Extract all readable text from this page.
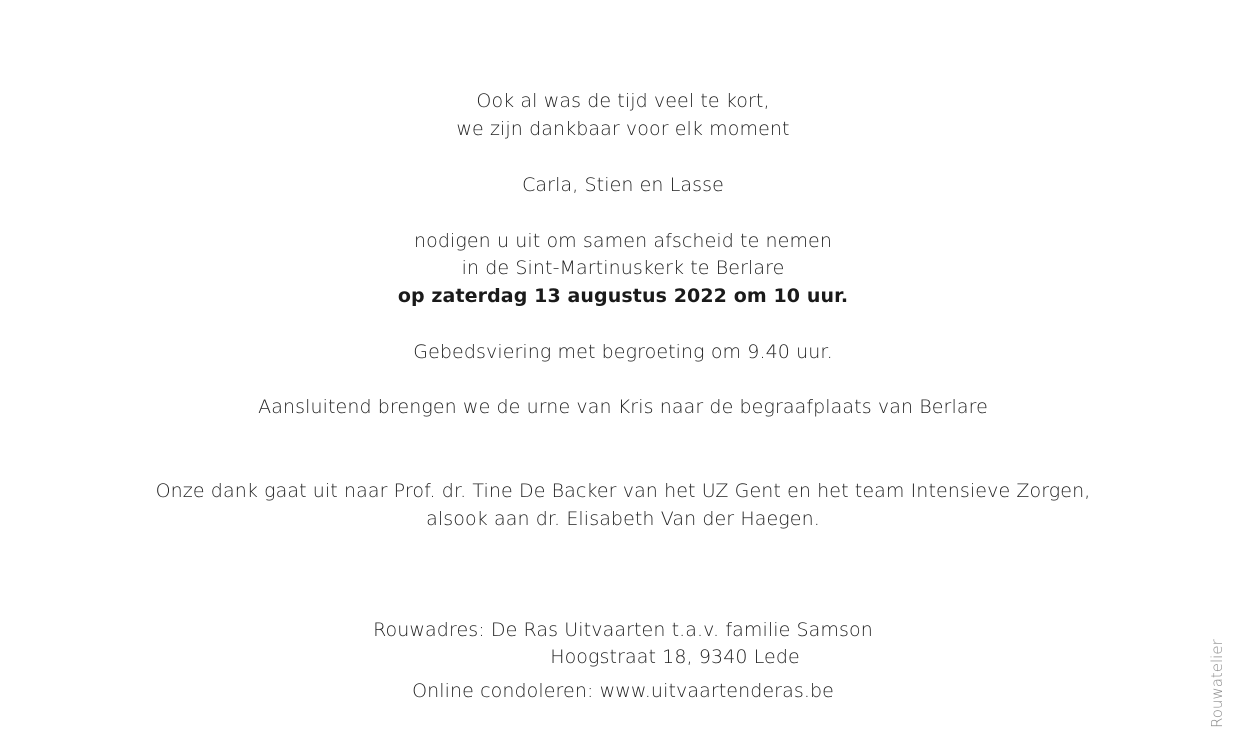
Ook al was de tijd veel te kort,
we zijn dankbaar voor elk moment
Carla, Stien en Lasse
nodigen u uit om samen afscheid te nemen
in de Sint-Martinuskerk te Berlare
op zaterdag 13 augustus 2022 om 10 uur.
Gebedsviering met begroeting om 9.40 uur.
Aansluitend brengen we de urne van Kris naar de begraafplaats van Berlare
Onze dank gaat uit naar Prof. dr. Tine De Backer van het UZ Gent en het team Intensieve Zorgen,
alsook aan dr. Elisabeth Van der Haegen.
Rouwadres: De Ras Uitvaarten t.a.v. familie Samson
Hoogstraat 18, 9340 Lede
Online condoleren: www.uitvaartenderas.be	Rouwatelier
